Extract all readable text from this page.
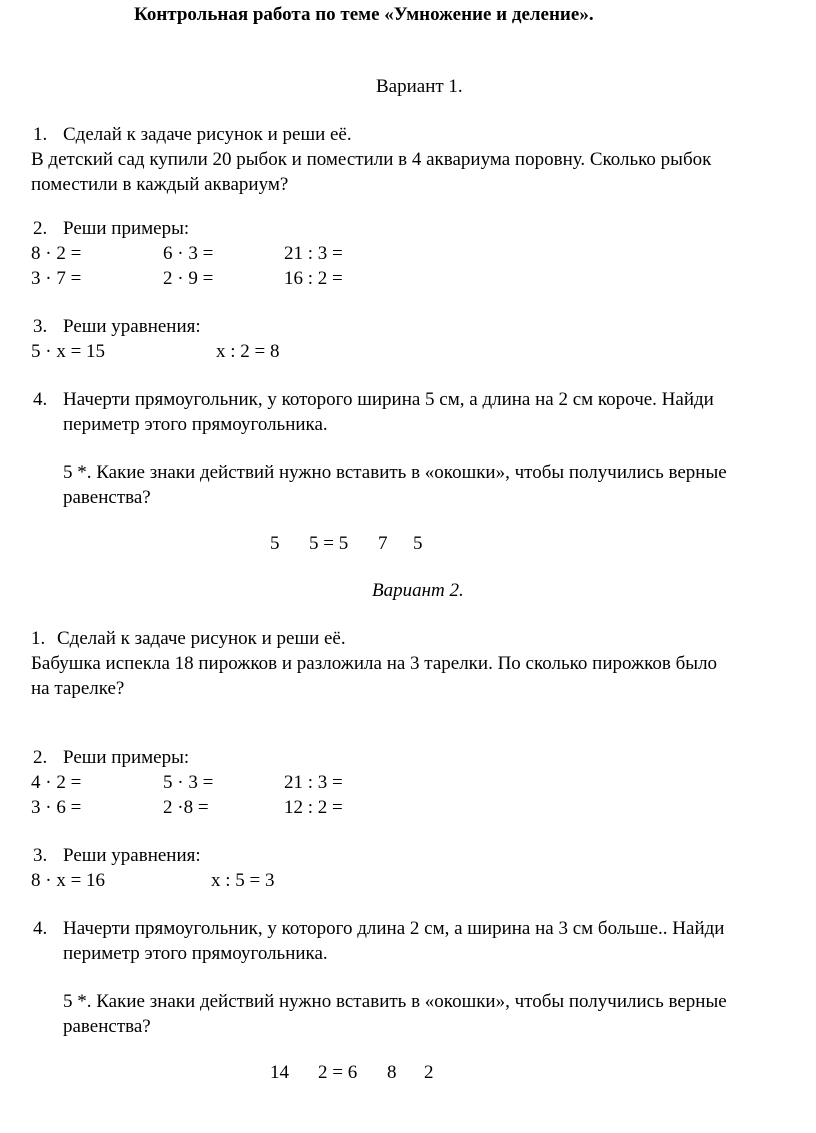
Контрольная работа по теме «Умножение и деление».
Вариант 1.
1. Сделай к задаче рисунок и реши её.
В детский сад купили 20 рыбок и поместили в 4 аквариума поровну. Сколько рыбок
поместили в каждый аквариум?
2. Реши примеры:
8 · 2 =	6 · 3 =	21 : 3 =
3 · 7 =	2 · 9 =	16 : 2 =
3. Реши уравнения:
5 · x = 15	x : 2 = 8
4. Начерти прямоугольник, у которого ширина 5 см, а длина на 2 см короче. Найди
периметр этого прямоугольника.
5 *. Какие знаки действий нужно вставить в «окошки», чтобы получились верные
равенства?
5 5 = 5 7 5
Вариант 2.
1. Сделай к задаче рисунок и реши её.
Бабушка испекла 18 пирожков и разложила на 3 тарелки. По сколько пирожков было
на тарелке?
2. Реши примеры:
4 · 2 =	5 · 3 =	21 : 3 =
3 · 6 =	2 ·8 =	12 : 2 =
3. Реши уравнения:
8 · x = 16	x : 5 = 3
4. Начерти прямоугольник, у которого длина 2 см, а ширина на 3 см больше.. Найди
периметр этого прямоугольника.
5 *. Какие знаки действий нужно вставить в «окошки», чтобы получились верные
равенства?
14 2 = 6 8 2
